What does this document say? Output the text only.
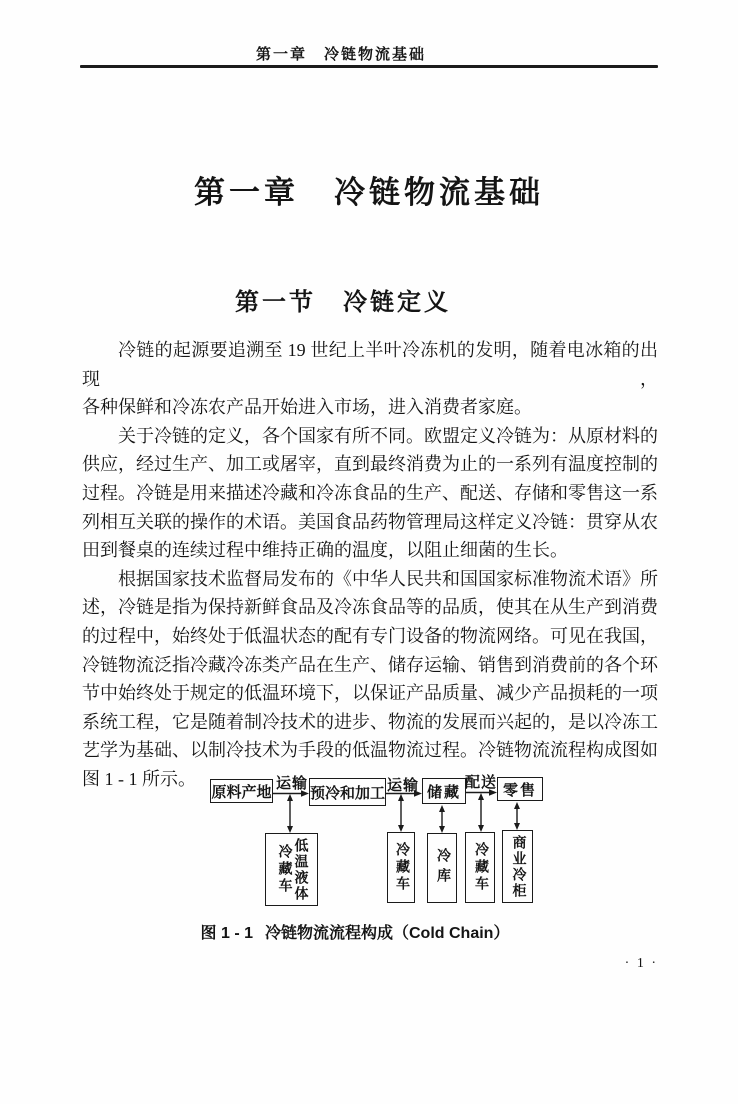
第一章　冷链物流基础
第一章　冷链物流基础
第一节　冷链定义
冷链的起源要追溯至 19 世纪上半叶冷冻机的发明，随着电冰箱的出现，
各种保鲜和冷冻农产品开始进入市场，进入消费者家庭。
关于冷链的定义，各个国家有所不同。欧盟定义冷链为：从原材料的
供应，经过生产、加工或屠宰，直到最终消费为止的一系列有温度控制的
过程。冷链是用来描述冷藏和冷冻食品的生产、配送、存储和零售这一系
列相互关联的操作的术语。美国食品药物管理局这样定义冷链：贯穿从农
田到餐桌的连续过程中维持正确的温度，以阻止细菌的生长。
根据国家技术监督局发布的《中华人民共和国国家标准物流术语》所
述，冷链是指为保持新鲜食品及冷冻食品等的品质，使其在从生产到消费
的过程中，始终处于低温状态的配有专门设备的物流网络。可见在我国，
冷链物流泛指冷藏冷冻类产品在生产、储存运输、销售到消费前的各个环
节中始终处于规定的低温环境下，以保证产品质量、减少产品损耗的一项
系统工程，它是随着制冷技术的进步、物流的发展而兴起的，是以冷冻工
艺学为基础、以制冷技术为手段的低温物流过程。冷链物流流程构成图如
图 1 - 1 所示。
原料产地	预冷和加工	储藏	零售
运输	运输	配送
冷藏车 低温液体	冷藏车 冷库 冷藏车 商业冷柜
图 1 - 1 冷链物流流程构成（Cold Chain）
· 1 ·
